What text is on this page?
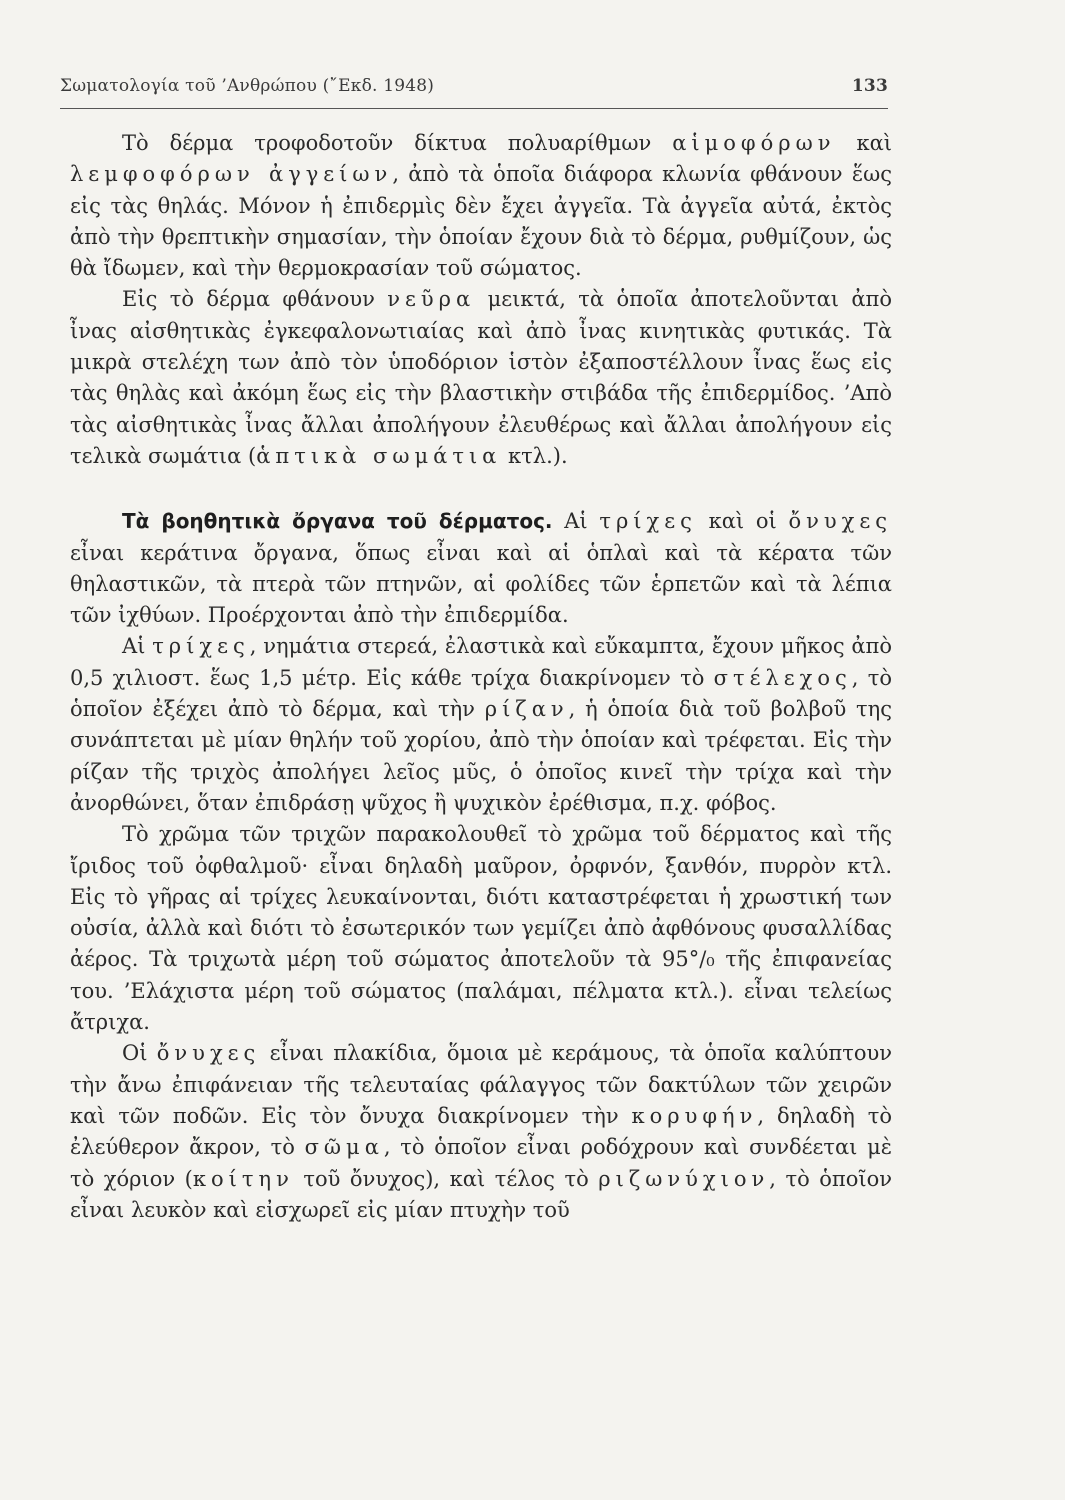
Σωματολογία τοῦ ’Ανθρώπου (῎Εκδ. 1948)	133

Τὸ δέρμα τροφοδοτοῦν δίκτυα πολυαρίθμων αἱμοφόρων καὶ λεμφοφόρων ἀγγείων, ἀπὸ τὰ ὁποῖα διάφορα κλωνία φθάνουν ἕως εἰς τὰς θηλάς. Μόνον ἡ ἐπιδερμὶς δὲν ἔχει ἀγγεῖα. Τὰ ἀγγεῖα αὐτά, ἐκτὸς ἀπὸ τὴν θρεπτικὴν σημασίαν, τὴν ὁποίαν ἔχουν διὰ τὸ δέρμα, ρυθμίζουν, ὡς θὰ ἴδωμεν, καὶ τὴν θερμοκρασίαν τοῦ σώματος.

Εἰς τὸ δέρμα φθάνουν νεῦρα μεικτά, τὰ ὁποῖα ἀποτελοῦνται ἀπὸ ἶνας αἰσθητικὰς ἐγκεφαλονωτιαίας καὶ ἀπὸ ἶνας κινητικὰς φυτικάς. Τὰ μικρὰ στελέχη των ἀπὸ τὸν ὑποδόριον ἱστὸν ἐξαποστέλλουν ἶνας ἕως εἰς τὰς θηλὰς καὶ ἀκόμη ἕως εἰς τὴν βλαστικὴν στιβάδα τῆς ἐπιδερμίδος. ’Απὸ τὰς αἰσθητικὰς ἶνας ἄλλαι ἀπολήγουν ἐλευθέρως καὶ ἄλλαι ἀπολήγουν εἰς τελικὰ σωμάτια (ἁπτικὰ σωμάτια κτλ.).

Τὰ βοηθητικὰ ὄργανα τοῦ δέρματος. Αἱ τρίχες καὶ οἱ ὄνυχες εἶναι κεράτινα ὄργανα, ὅπως εἶναι καὶ αἱ ὁπλαὶ καὶ τὰ κέρατα τῶν θηλαστικῶν, τὰ πτερὰ τῶν πτηνῶν, αἱ φολίδες τῶν ἑρπετῶν καὶ τὰ λέπια τῶν ἰχθύων. Προέρχονται ἀπὸ τὴν ἐπιδερμίδα.

Αἱ τρίχες, νημάτια στερεά, ἐλαστικὰ καὶ εὔκαμπτα, ἔχουν μῆκος ἀπὸ 0,5 χιλιοστ. ἕως 1,5 μέτρ. Εἰς κάθε τρίχα διακρίνομεν τὸ στέλεχος, τὸ ὁποῖον ἐξέχει ἀπὸ τὸ δέρμα, καὶ τὴν ρίζαν, ἡ ὁποία διὰ τοῦ βολβοῦ της συνάπτεται μὲ μίαν θηλήν τοῦ χορίου, ἀπὸ τὴν ὁποίαν καὶ τρέφεται. Εἰς τὴν ρίζαν τῆς τριχὸς ἀπολήγει λεῖος μῦς, ὁ ὁποῖος κινεῖ τὴν τρίχα καὶ τὴν ἀνορθώνει, ὅταν ἐπιδράσῃ ψῦχος ἢ ψυχικὸν ἐρέθισμα, π.χ. φόβος.

Τὸ χρῶμα τῶν τριχῶν παρακολουθεῖ τὸ χρῶμα τοῦ δέρματος καὶ τῆς ἴριδος τοῦ ὀφθαλμοῦ· εἶναι δηλαδὴ μαῦρον, ὀρφνόν, ξανθόν, πυρρὸν κτλ. Εἰς τὸ γῆρας αἱ τρίχες λευκαίνονται, διότι καταστρέφεται ἡ χρωστική των οὐσία, ἀλλὰ καὶ διότι τὸ ἐσωτερικόν των γεμίζει ἀπὸ ἀφθόνους φυσαλλίδας ἀέρος. Τὰ τριχωτὰ μέρη τοῦ σώματος ἀποτελοῦν τὰ 95°/₀ τῆς ἐπιφανείας του. ’Ελάχιστα μέρη τοῦ σώματος (παλάμαι, πέλματα κτλ.). εἶναι τελείως ἄτριχα.

Οἱ ὄνυχες εἶναι πλακίδια, ὅμοια μὲ κεράμους, τὰ ὁποῖα καλύπτουν τὴν ἄνω ἐπιφάνειαν τῆς τελευταίας φάλαγγος τῶν δακτύλων τῶν χειρῶν καὶ τῶν ποδῶν. Εἰς τὸν ὄνυχα διακρίνομεν τὴν κορυφήν, δηλαδὴ τὸ ἐλεύθερον ἄκρον, τὸ σῶμα, τὸ ὁποῖον εἶναι ροδόχρουν καὶ συνδέεται μὲ τὸ χόριον (κοίτην τοῦ ὄνυχος), καὶ τέλος τὸ ριζωνύχιον, τὸ ὁποῖον εἶναι λευκὸν καὶ εἰσχωρεῖ εἰς μίαν πτυχὴν τοῦ
